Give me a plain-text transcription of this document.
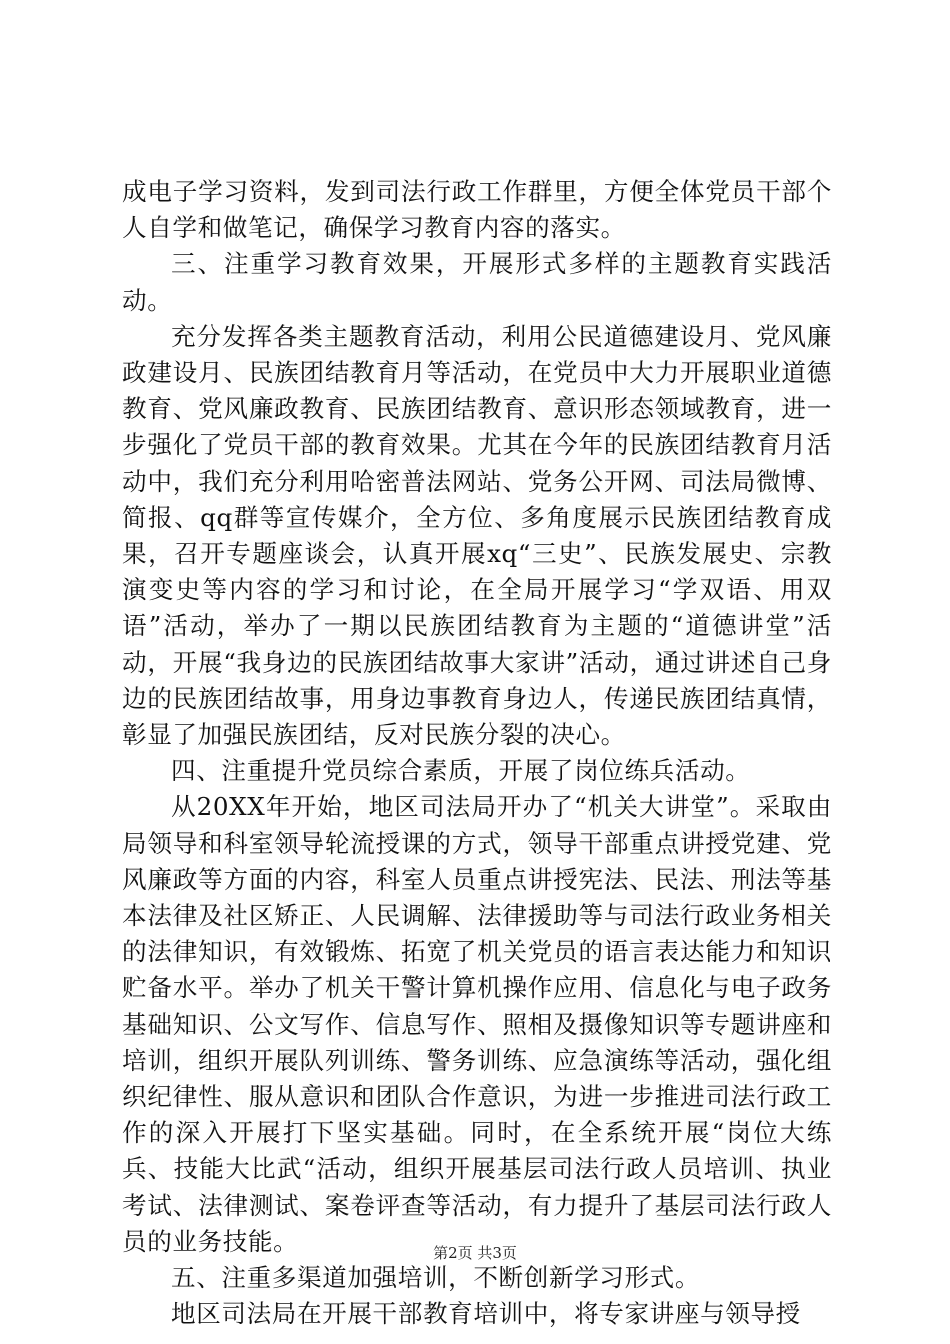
成电子学习资料，发到司法行政工作群里，方便全体党员干部个人自学和做笔记，确保学习教育内容的落实。

三、注重学习教育效果，开展形式多样的主题教育实践活动。

充分发挥各类主题教育活动，利用公民道德建设月、党风廉政建设月、民族团结教育月等活动，在党员中大力开展职业道德教育、党风廉政教育、民族团结教育、意识形态领域教育，进一步强化了党员干部的教育效果。尤其在今年的民族团结教育月活动中，我们充分利用哈密普法网站、党务公开网、司法局微博、简报、qq群等宣传媒介，全方位、多角度展示民族团结教育成果，召开专题座谈会，认真开展xq“三史”、民族发展史、宗教演变史等内容的学习和讨论，在全局开展学习“学双语、用双语”活动，举办了一期以民族团结教育为主题的“道德讲堂”活动，开展“我身边的民族团结故事大家讲”活动，通过讲述自己身边的民族团结故事，用身边事教育身边人，传递民族团结真情，彰显了加强民族团结，反对民族分裂的决心。

四、注重提升党员综合素质，开展了岗位练兵活动。

从20XX年开始，地区司法局开办了“机关大讲堂”。采取由局领导和科室领导轮流授课的方式，领导干部重点讲授党建、党风廉政等方面的内容，科室人员重点讲授宪法、民法、刑法等基本法律及社区矫正、人民调解、法律援助等与司法行政业务相关的法律知识，有效锻炼、拓宽了机关党员的语言表达能力和知识贮备水平。举办了机关干警计算机操作应用、信息化与电子政务基础知识、公文写作、信息写作、照相及摄像知识等专题讲座和培训，组织开展队列训练、警务训练、应急演练等活动，强化组织纪律性、服从意识和团队合作意识，为进一步推进司法行政工作的深入开展打下坚实基础。同时，在全系统开展“岗位大练兵、技能大比武“活动，组织开展基层司法行政人员培训、执业考试、法律测试、案卷评查等活动，有力提升了基层司法行政人员的业务技能。

五、注重多渠道加强培训，不断创新学习形式。

地区司法局在开展干部教育培训中，将专家讲座与领导授

第2页 共3页
